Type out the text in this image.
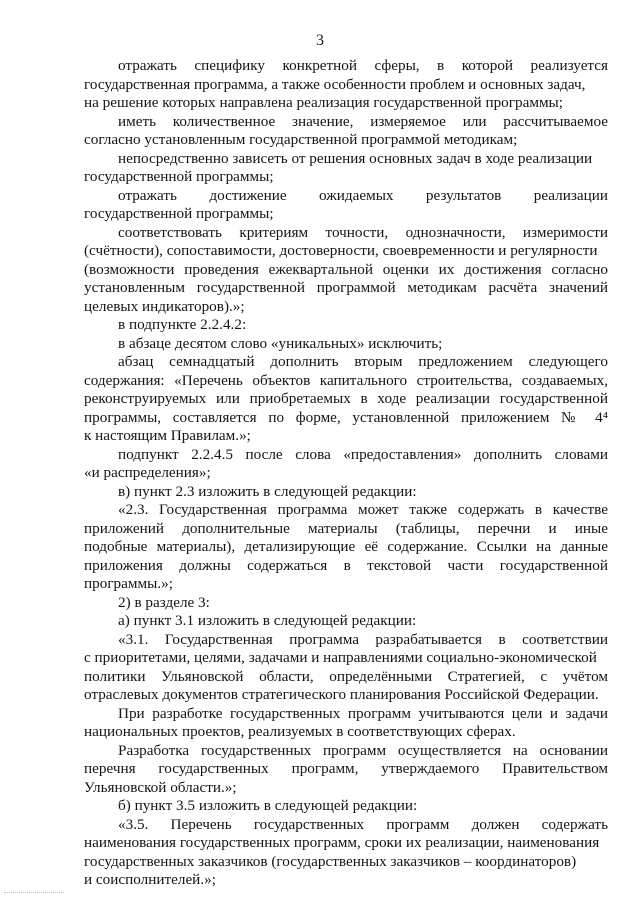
3
отражать специфику конкретной сферы, в которой реализуется
государственная программа, а также особенности проблем и основных задач,
на решение которых направлена реализация государственной программы;
иметь количественное значение, измеряемое или рассчитываемое
согласно установленным государственной программой методикам;
непосредственно зависеть от решения основных задач в ходе реализации
государственной программы;
отражать достижение ожидаемых результатов реализации
государственной программы;
соответствовать критериям точности, однозначности, измеримости
(счётности), сопоставимости, достоверности, своевременности и регулярности
(возможности проведения ежеквартальной оценки их достижения согласно
установленным государственной программой методикам расчёта значений
целевых индикаторов).»;
в подпункте 2.2.4.2:
в абзаце десятом слово «уникальных» исключить;
абзац семнадцатый дополнить вторым предложением следующего
содержания: «Перечень объектов капитального строительства, создаваемых,
реконструируемых или приобретаемых в ходе реализации государственной
программы, составляется по форме, установленной приложением № 4⁴
к настоящим Правилам.»;
подпункт 2.2.4.5 после слова «предоставления» дополнить словами
«и распределения»;
в) пункт 2.3 изложить в следующей редакции:
«2.3. Государственная программа может также содержать в качестве
приложений дополнительные материалы (таблицы, перечни и иные
подобные материалы), детализирующие её содержание. Ссылки на данные
приложения должны содержаться в текстовой части государственной
программы.»;
2) в разделе 3:
а) пункт 3.1 изложить в следующей редакции:
«3.1. Государственная программа разрабатывается в соответствии
с приоритетами, целями, задачами и направлениями социально-экономической
политики Ульяновской области, определёнными Стратегией, с учётом
отраслевых документов стратегического планирования Российской Федерации.
При разработке государственных программ учитываются цели и задачи
национальных проектов, реализуемых в соответствующих сферах.
Разработка государственных программ осуществляется на основании
перечня государственных программ, утверждаемого Правительством
Ульяновской области.»;
б) пункт 3.5 изложить в следующей редакции:
«3.5. Перечень государственных программ должен содержать
наименования государственных программ, сроки их реализации, наименования
государственных заказчиков (государственных заказчиков – координаторов)
и соисполнителей.»;
